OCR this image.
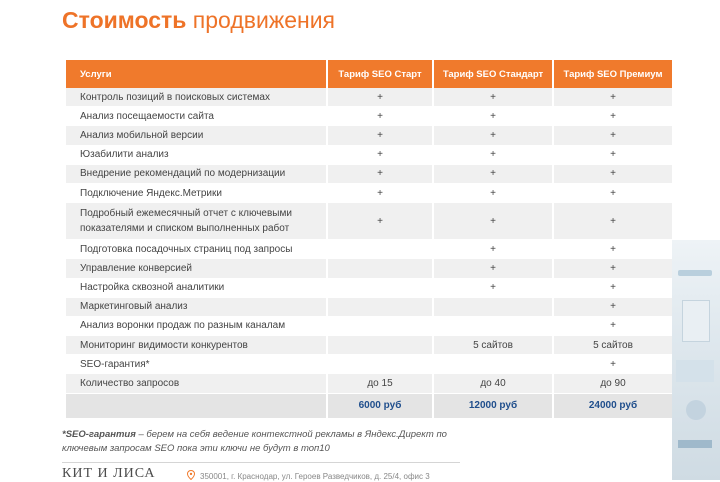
Стоимость продвижения
Услуги	Тариф SEO Старт	Тариф SEO Стандарт	Тариф SEO Премиум
Контроль позиций в поисковых системах	+	+	+
Анализ посещаемости сайта	+	+	+
Анализ мобильной версии	+	+	+
Юзабилити анализ	+	+	+
Внедрение рекомендаций по модернизации	+	+	+
Подключение Яндекс.Метрики	+	+	+
Подробный ежемесячный отчет с ключевыми показателями и списком выполненных работ	+	+	+
Подготовка посадочных страниц под запросы		+	+
Управление конверсией		+	+
Настройка сквозной аналитики		+	+
Маркетинговый анализ			+
Анализ воронки продаж по разным каналам			+
Мониторинг видимости конкурентов		5 сайтов	5 сайтов
SEO-гарантия*			+
Количество запросов	до 15	до 40	до 90
	6000 руб	12000 руб	24000 руб
*SEO-гарантия – берем на себя ведение контекстной рекламы в Яндекс.Директ по ключевым запросам SEO пока эти ключи не будут в топ10
КИТ И ЛИСА	350001, г. Краснодар, ул. Героев Разведчиков, д. 25/4, офис 3
